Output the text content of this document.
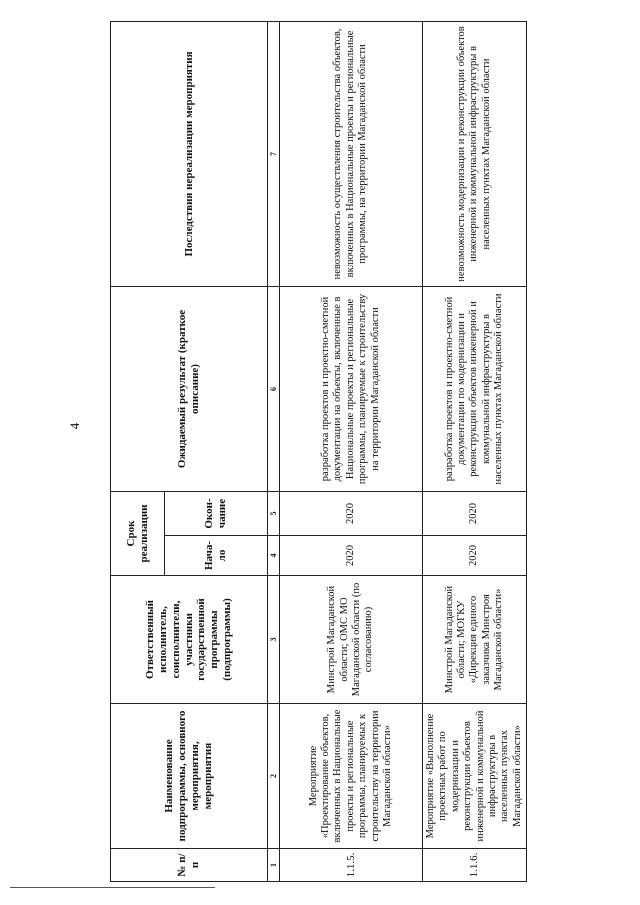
4
№ п/п	Наименование подпрограммы, основного мероприятия, мероприятия	Ответственный исполнитель, соисполнители, участники государственной программы (подпрограммы)	Срок реализации		Ожидаемый результат (краткое описание)	Последствия нереализации мероприятия
			Нача-ло	Окон-чание		
1	2	3	4	5	6	7
1.1.5.	Мероприятие «Проектирование объектов, включенных в Национальные проекты и региональные программы, планируемых к строительству на территории Магаданской области»	Минстрой Магаданской области; ОМС МО Магаданской области (по согласованию)	2020	2020	разработка проектов и проектно-сметной документации на объекты, включенные в Национальные проекты и региональные программы, планируемые к строительству на территории Магаданской области	невозможность осуществления строительства объектов, включенных в Национальные проекты и региональные программы, на территории Магаданской области
1.1.6.	Мероприятие «Выполнение проектных работ по модернизации и реконструкции объектов инженерной и коммунальной инфраструктуры в населенных пунктах Магаданской области»	Минстрой Магаданской области; МОГКУ «Дирекция единого заказчика Минстроя Магаданской области»	2020	2020	разработка проектов и проектно-сметной документации по модернизации и реконструкции объектов инженерной и коммунальной инфраструктуры в населенных пунктах Магаданской области	невозможность модернизации и реконструкции объектов инженерной и коммунальной инфраструктуры в населенных пунктах Магаданской области
